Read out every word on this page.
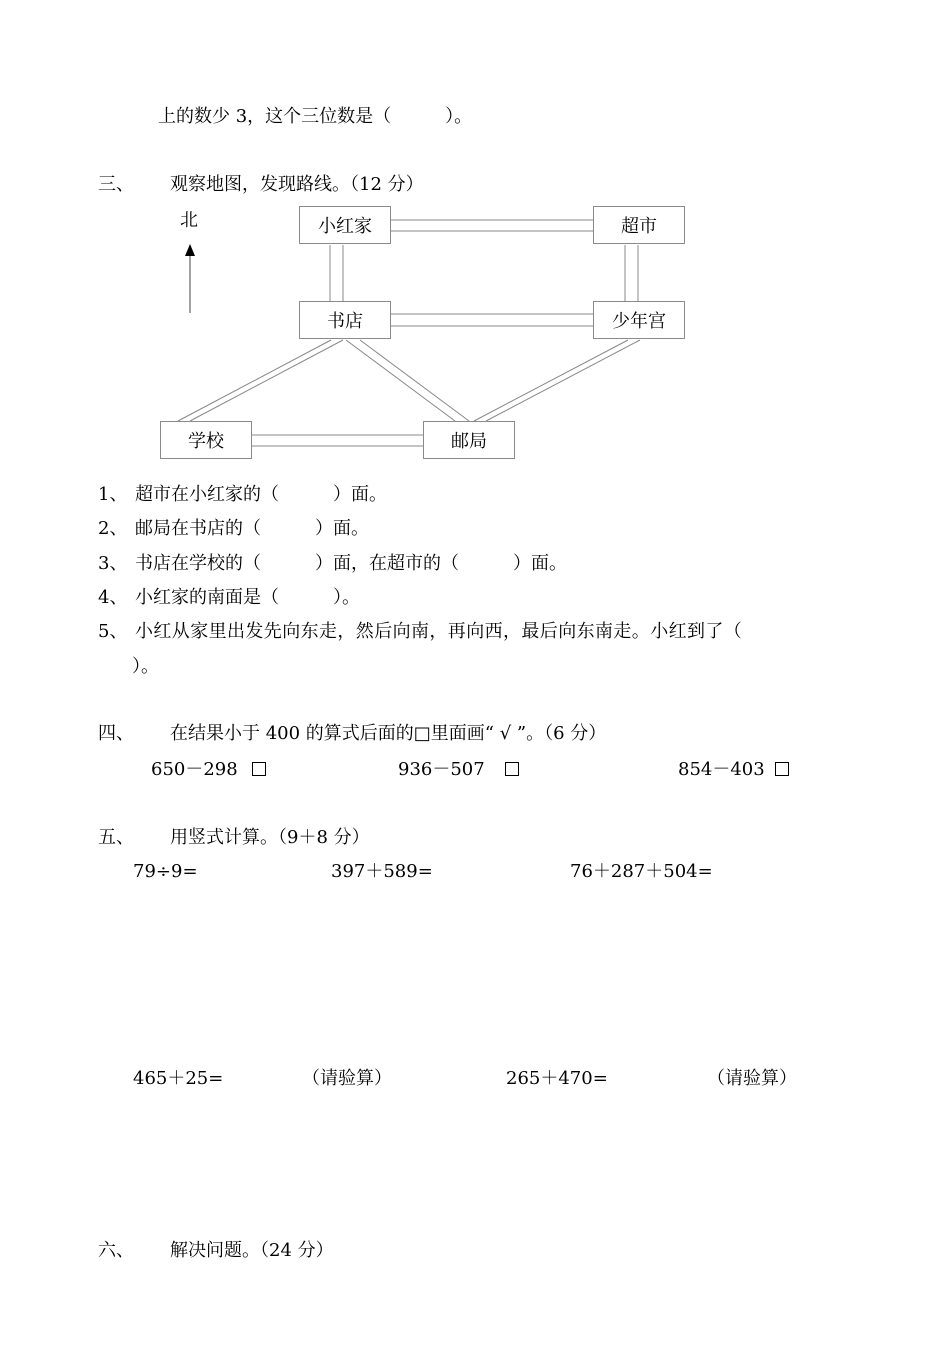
上的数少 3，这个三位数是（　　　）。
三、 观察地图，发现路线。（12 分）
北	小红家	超市
书店	少年宫
学校	邮局
1、 超市在小红家的（　　　）面。
2、 邮局在书店的（　　　）面。
3、 书店在学校的（　　　）面，在超市的（　　　）面。
4、 小红家的南面是（　　　）。
5、 小红从家里出发先向东走，然后向南，再向西，最后向东南走。小红到了（
）。
四、 在结果小于 400 的算式后面的□里面画“ √ ”。（6 分）
650－298	936－507	854－403
五、 用竖式计算。（9＋8 分）
79÷9=	397＋589=	76＋287＋504=
465＋25=	（请验算）	265＋470=	（请验算）
六、 解决问题。（24 分）
